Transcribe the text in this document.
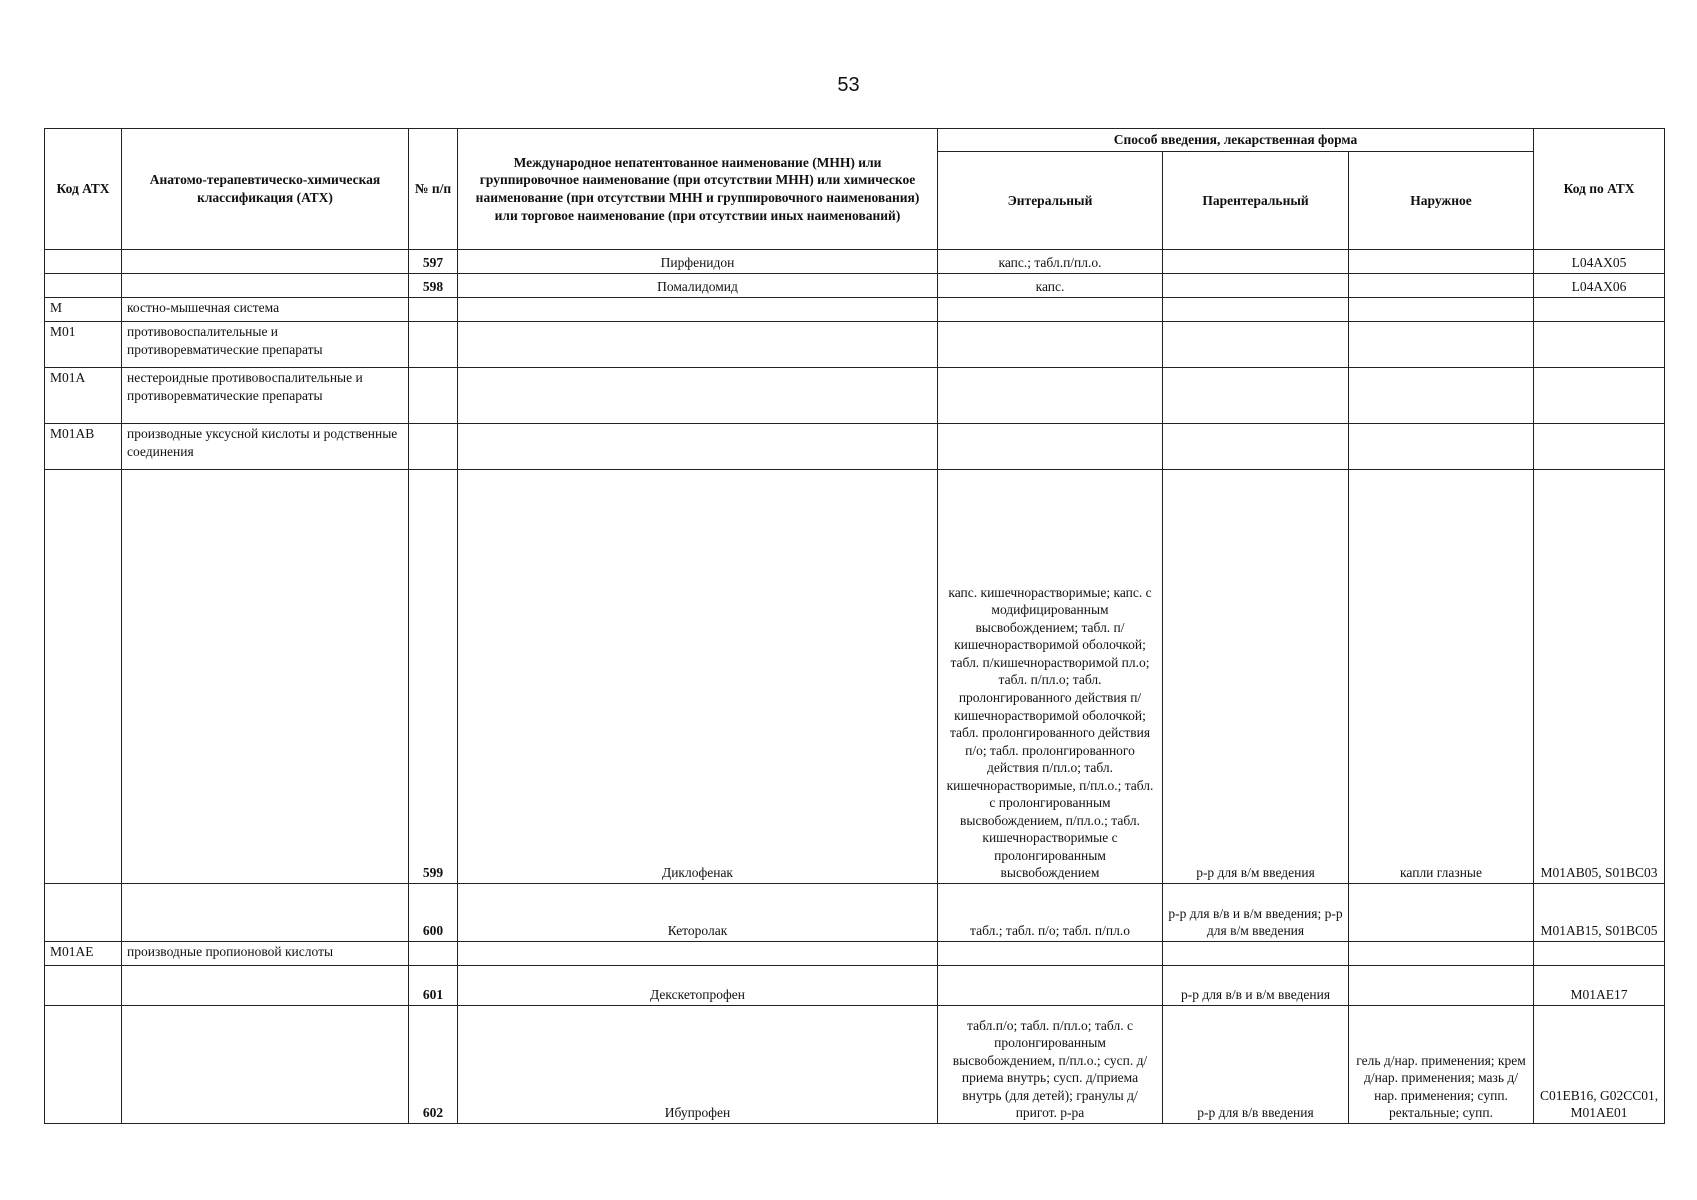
53
Код АТХ	Анатомо-терапевтическо-химическая классификация (АТХ)	№ п/п	Международное непатентованное наименование (МНН) или группировочное наименование (при отсутствии МНН) или химическое наименование (при отсутствии МНН и группировочного наименования) или торговое наименование (при отсутствии иных наименований)	Способ введения, лекарственная форма			Код по АТХ
				Энтеральный	Парентеральный	Наружное	
		597	Пирфенидон	капс.; табл.п/пл.о.			L04AX05
		598	Помалидомид	капс.			L04AX06
M	костно-мышечная система						
M01	противовоспалительные и противоревматические препараты						
M01A	нестероидные противовоспалительные и противоревматические препараты						
M01AB	производные уксусной кислоты и родственные соединения						
		599	Диклофенак	капс. кишечнорастворимые; капс. с модифицированным высвобождением; табл. п/кишечнорастворимой оболочкой; табл. п/кишечнорастворимой пл.о; табл. п/пл.о; табл. пролонгированного действия п/кишечнорастворимой оболочкой; табл. пролонгированного действия п/о; табл. пролонгированного действия п/пл.о; табл. кишечнорастворимые, п/пл.о.; табл. с пролонгированным высвобождением, п/пл.о.; табл. кишечнорастворимые с пролонгированным высвобождением	р-р для в/м введения	капли глазные	M01AB05, S01BC03
		600	Кеторолак	табл.; табл. п/о; табл. п/пл.о	р-р для в/в и в/м введения; р-р для в/м введения		M01AB15, S01BC05
M01AE	производные пропионовой кислоты						
		601	Декскетопрофен		р-р для в/в и в/м введения		M01AE17
		602	Ибупрофен	табл.п/о; табл. п/пл.о; табл. с пролонгированным высвобождением, п/пл.о.; сусп. д/приема внутрь; сусп. д/приема внутрь (для детей); гранулы д/пригот. р-ра	р-р для в/в введения	гель д/нар. применения; крем д/нар. применения; мазь д/нар. применения; супп. ректальные; супп.	C01EB16, G02CC01, M01AE01
